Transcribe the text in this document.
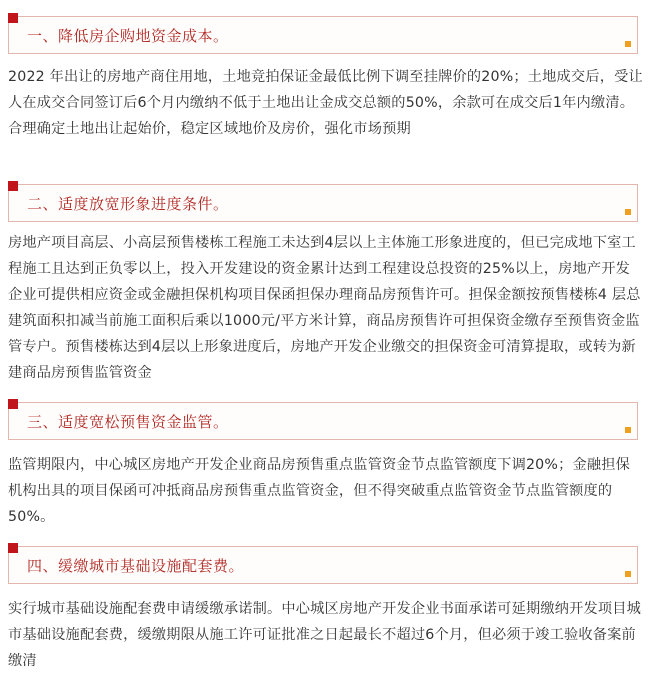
一、降低房企购地资金成本。

2022 年出让的房地产商住用地，土地竞拍保证金最低比例下调至挂牌价的20%；土地成交后，受让人在成交合同签订后6个月内缴纳不低于土地出让金成交总额的50%，余款可在成交后1年内缴清。合理确定土地出让起始价，稳定区域地价及房价，强化市场预期

二、适度放宽形象进度条件。

房地产项目高层、小高层预售楼栋工程施工未达到4层以上主体施工形象进度的，但已完成地下室工程施工且达到正负零以上，投入开发建设的资金累计达到工程建设总投资的25%以上，房地产开发企业可提供相应资金或金融担保机构项目保函担保办理商品房预售许可。担保金额按预售楼栋4 层总建筑面积扣减当前施工面积后乘以1000元/平方米计算，商品房预售许可担保资金缴存至预售资金监管专户。预售楼栋达到4层以上形象进度后，房地产开发企业缴交的担保资金可清算提取，或转为新建商品房预售监管资金

三、适度宽松预售资金监管。

监管期限内，中心城区房地产开发企业商品房预售重点监管资金节点监管额度下调20%；金融担保机构出具的项目保函可冲抵商品房预售重点监管资金，但不得突破重点监管资金节点监管额度的50%。

四、缓缴城市基础设施配套费。

实行城市基础设施配套费申请缓缴承诺制。中心城区房地产开发企业书面承诺可延期缴纳开发项目城市基础设施配套费，缓缴期限从施工许可证批准之日起最长不超过6个月，但必须于竣工验收备案前缴清
